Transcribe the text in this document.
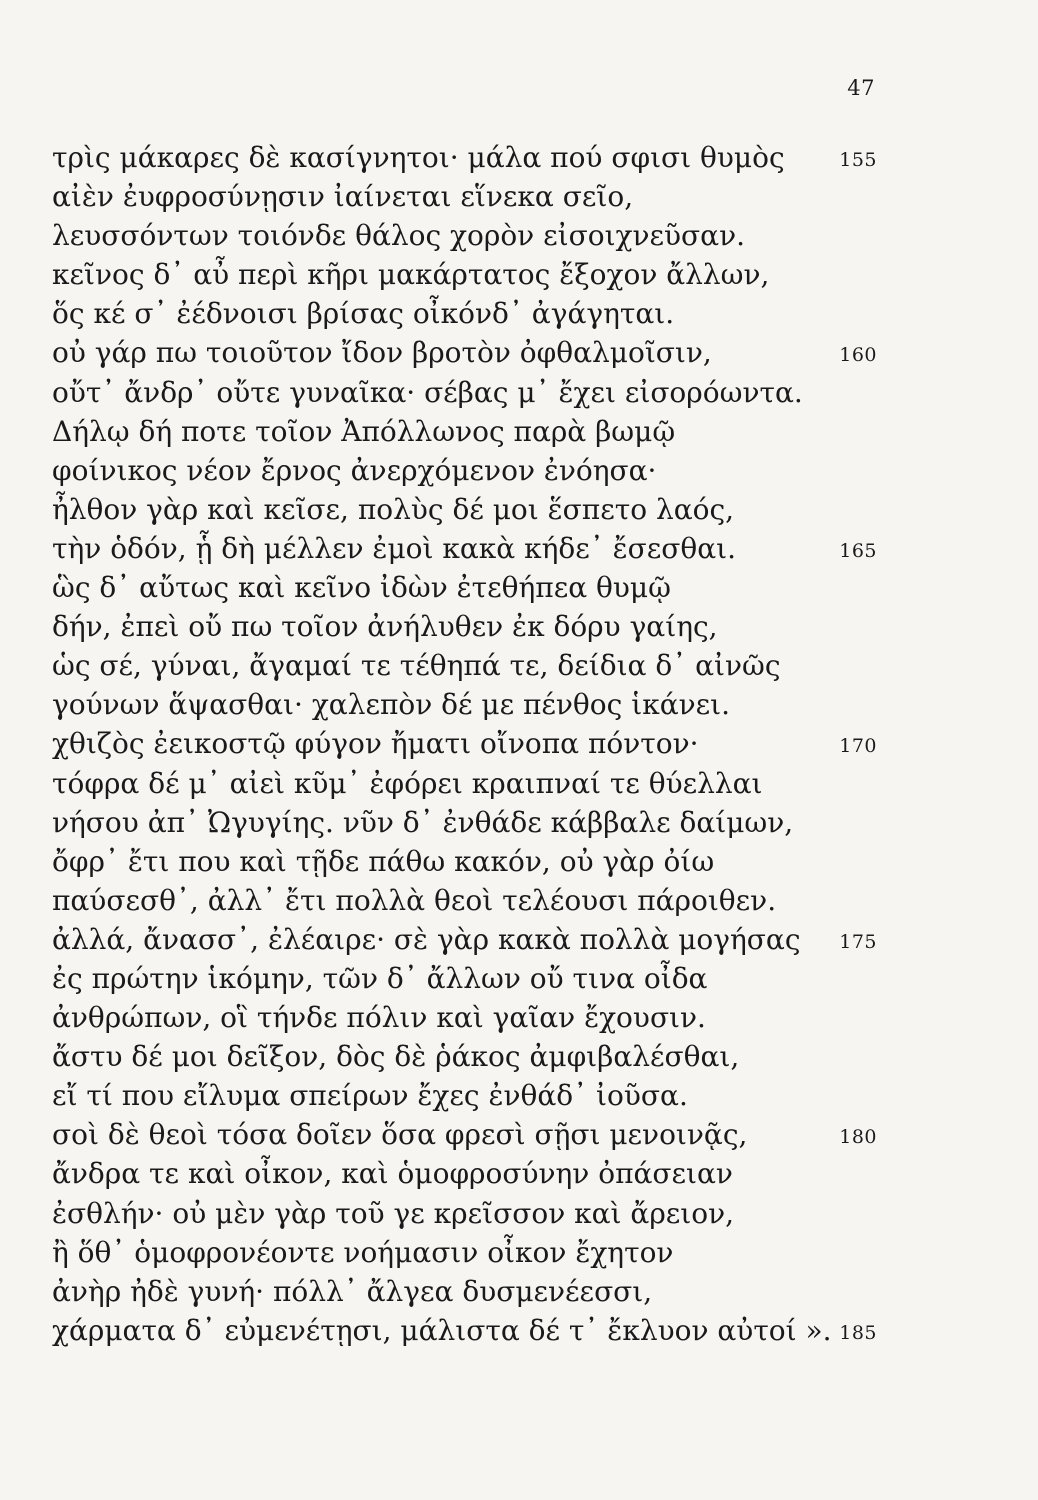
47
τρὶς μάκαρες δὲ κασίγνητοι· μάλα πού σφισι θυμὸς	155
αἰὲν ἐυφροσύνῃσιν ἰαίνεται εἵνεκα σεῖο,
λευσσόντων τοιόνδε θάλος χορὸν εἰσοιχνεῦσαν.
κεῖνος δ᾽ αὖ περὶ κῆρι μακάρτατος ἔξοχον ἄλλων,
ὅς κέ σ᾽ ἐέδνοισι βρίσας οἶκόνδ᾽ ἀγάγηται.
οὐ γάρ πω τοιοῦτον ἴδον βροτὸν ὀφθαλμοῖσιν,	160
οὔτ᾽ ἄνδρ᾽ οὔτε γυναῖκα· σέβας μ᾽ ἔχει εἰσορόωντα.
Δήλῳ δή ποτε τοῖον Ἀπόλλωνος παρὰ βωμῷ
φοίνικος νέον ἔρνος ἀνερχόμενον ἐνόησα·
ἦλθον γὰρ καὶ κεῖσε, πολὺς δέ μοι ἕσπετο λαός,
τὴν ὁδόν, ᾗ δὴ μέλλεν ἐμοὶ κακὰ κήδε᾽ ἔσεσθαι.	165
ὣς δ᾽ αὔτως καὶ κεῖνο ἰδὼν ἐτεθήπεα θυμῷ
δήν, ἐπεὶ οὔ πω τοῖον ἀνήλυθεν ἐκ δόρυ γαίης,
ὡς σέ, γύναι, ἄγαμαί τε τέθηπά τε, δείδια δ᾽ αἰνῶς
γούνων ἅψασθαι· χαλεπὸν δέ με πένθος ἱκάνει.
χθιζὸς ἐεικοστῷ φύγον ἤματι οἴνοπα πόντον·	170
τόφρα δέ μ᾽ αἰεὶ κῦμ᾽ ἐφόρει κραιπναί τε θύελλαι
νήσου ἀπ᾽ Ὠγυγίης. νῦν δ᾽ ἐνθάδε κάββαλε δαίμων,
ὄφρ᾽ ἔτι που καὶ τῇδε πάθω κακόν, οὐ γὰρ ὀίω
παύσεσθ᾽, ἀλλ᾽ ἔτι πολλὰ θεοὶ τελέουσι πάροιθεν.
ἀλλά, ἄνασσ᾽, ἐλέαιρε· σὲ γὰρ κακὰ πολλὰ μογήσας 175
ἐς πρώτην ἱκόμην, τῶν δ᾽ ἄλλων οὔ τινα οἶδα
ἀνθρώπων, οἳ τήνδε πόλιν καὶ γαῖαν ἔχουσιν.
ἄστυ δέ μοι δεῖξον, δὸς δὲ ῥάκος ἀμφιβαλέσθαι,
εἴ τί που εἴλυμα σπείρων ἔχες ἐνθάδ᾽ ἰοῦσα.
σοὶ δὲ θεοὶ τόσα δοῖεν ὅσα φρεσὶ σῇσι μενοινᾷς,	180
ἄνδρα τε καὶ οἶκον, καὶ ὁμοφροσύνην ὀπάσειαν
ἐσθλήν· οὐ μὲν γὰρ τοῦ γε κρεῖσσον καὶ ἄρειον,
ἢ ὅθ᾽ ὁμοφρονέοντε νοήμασιν οἶκον ἔχητον
ἀνὴρ ἠδὲ γυνή· πόλλ᾽ ἄλγεα δυσμενέεσσι,
χάρματα δ᾽ εὐμενέτῃσι, μάλιστα δέ τ᾽ ἔκλυον αὐτοί ». 185
